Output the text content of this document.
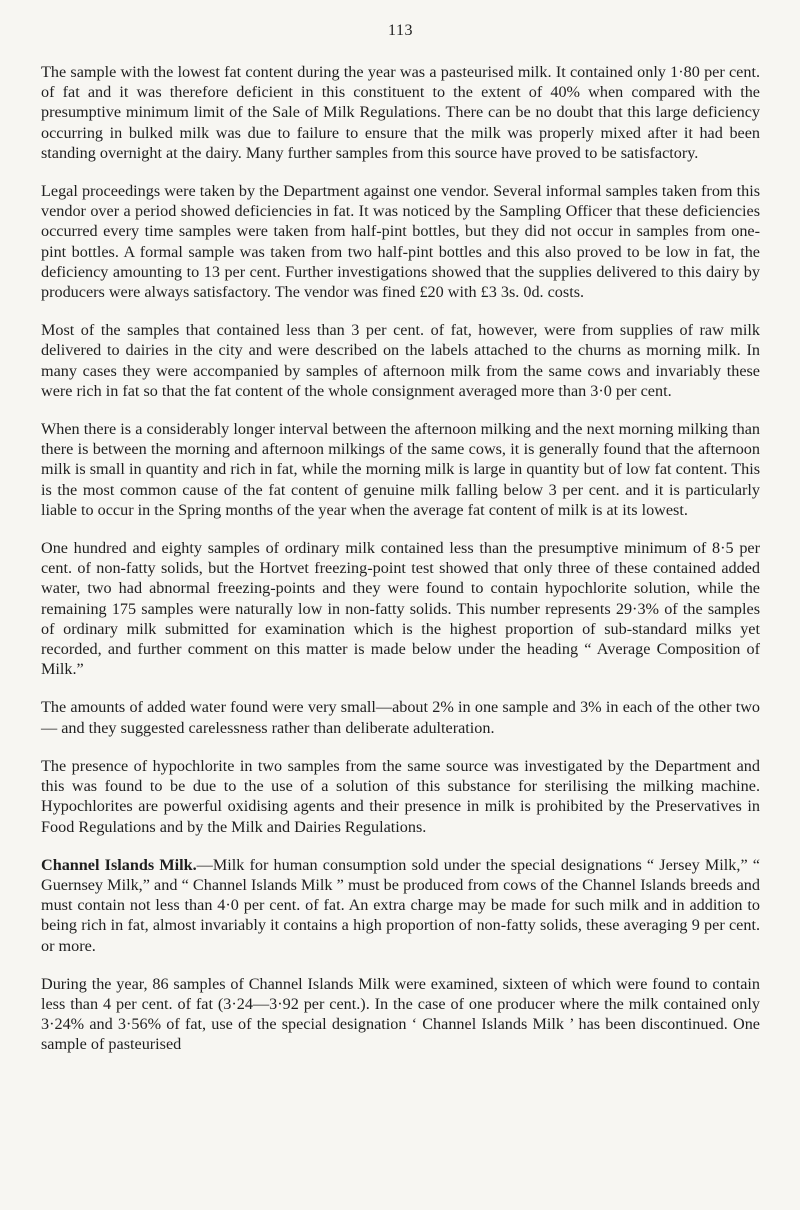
113

The sample with the lowest fat content during the year was a pasteurised milk. It contained only 1·80 per cent. of fat and it was therefore deficient in this constituent to the extent of 40% when compared with the presumptive minimum limit of the Sale of Milk Regulations. There can be no doubt that this large deficiency occurring in bulked milk was due to failure to ensure that the milk was properly mixed after it had been standing overnight at the dairy. Many further samples from this source have proved to be satisfactory.

Legal proceedings were taken by the Department against one vendor. Several informal samples taken from this vendor over a period showed deficiencies in fat. It was noticed by the Sampling Officer that these deficiencies occurred every time samples were taken from half-pint bottles, but they did not occur in samples from one-pint bottles. A formal sample was taken from two half-pint bottles and this also proved to be low in fat, the deficiency amounting to 13 per cent. Further investigations showed that the supplies delivered to this dairy by producers were always satisfactory. The vendor was fined £20 with £3 3s. 0d. costs.

Most of the samples that contained less than 3 per cent. of fat, however, were from supplies of raw milk delivered to dairies in the city and were described on the labels attached to the churns as morning milk. In many cases they were accompanied by samples of afternoon milk from the same cows and invariably these were rich in fat so that the fat content of the whole consignment averaged more than 3·0 per cent.

When there is a considerably longer interval between the afternoon milking and the next morning milking than there is between the morning and afternoon milkings of the same cows, it is generally found that the afternoon milk is small in quantity and rich in fat, while the morning milk is large in quantity but of low fat content. This is the most common cause of the fat content of genuine milk falling below 3 per cent. and it is particularly liable to occur in the Spring months of the year when the average fat content of milk is at its lowest.

One hundred and eighty samples of ordinary milk contained less than the presumptive minimum of 8·5 per cent. of non-fatty solids, but the Hortvet freezing-point test showed that only three of these contained added water, two had abnormal freezing-points and they were found to contain hypochlorite solution, while the remaining 175 samples were naturally low in non-fatty solids. This number represents 29·3% of the samples of ordinary milk submitted for examination which is the highest proportion of sub-standard milks yet recorded, and further comment on this matter is made below under the heading “ Average Composition of Milk.”

The amounts of added water found were very small—about 2% in one sample and 3% in each of the other two — and they suggested carelessness rather than deliberate adulteration.

The presence of hypochlorite in two samples from the same source was investigated by the Department and this was found to be due to the use of a solution of this substance for sterilising the milking machine. Hypochlorites are powerful oxidising agents and their presence in milk is prohibited by the Preservatives in Food Regulations and by the Milk and Dairies Regulations.

Channel Islands Milk.—Milk for human consumption sold under the special designations “ Jersey Milk,” “ Guernsey Milk,” and “ Channel Islands Milk ” must be produced from cows of the Channel Islands breeds and must contain not less than 4·0 per cent. of fat. An extra charge may be made for such milk and in addition to being rich in fat, almost invariably it contains a high proportion of non-fatty solids, these averaging 9 per cent. or more.

During the year, 86 samples of Channel Islands Milk were examined, sixteen of which were found to contain less than 4 per cent. of fat (3·24—3·92 per cent.). In the case of one producer where the milk contained only 3·24% and 3·56% of fat, use of the special designation ‘ Channel Islands Milk ’ has been discontinued. One sample of pasteurised
